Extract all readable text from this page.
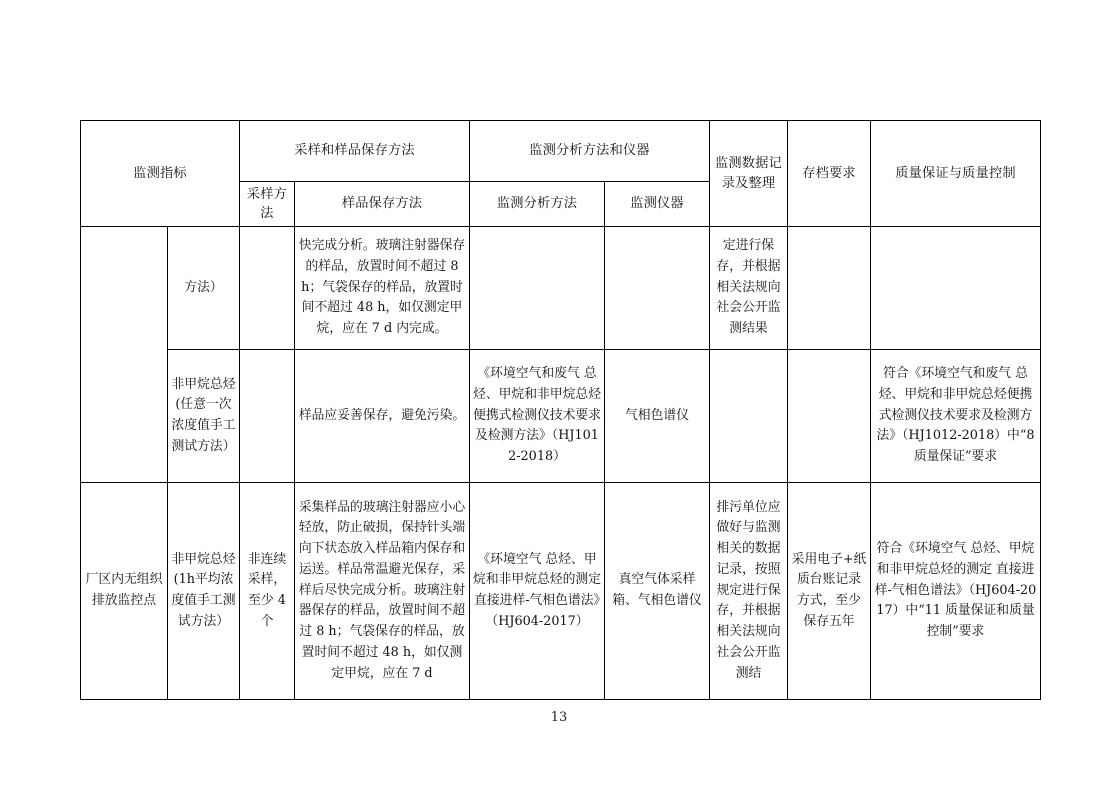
监测指标		采样和样品保存方法		监测分析方法和仪器		监测数据记录及整理	存档要求	质量保证与质量控制
		采样方法	样品保存方法	监测分析方法	监测仪器			
	方法）		快完成分析。玻璃注射器保存的样品，放置时间不超过 8 h；气袋保存的样品，放置时间不超过 48 h，如仅测定甲烷，应在 7 d 内完成。			定进行保存，并根据相关法规向社会公开监测结果		
	非甲烷总烃(任意一次浓度值手工测试方法）		样品应妥善保存，避免污染。	《环境空气和废气 总烃、甲烷和非甲烷总烃便携式检测仪技术要求及检测方法》（HJ1012-2018）	气相色谱仪			符合《环境空气和废气 总烃、甲烷和非甲烷总烃便携式检测仪技术要求及检测方法》（HJ1012-2018）中“8 质量保证”要求
厂区内无组织排放监控点	非甲烷总烃(1h平均浓度值手工测试方法）	非连续采样，至少 4 个	采集样品的玻璃注射器应小心轻放，防止破损，保持针头端向下状态放入样品箱内保存和运送。样品常温避光保存，采样后尽快完成分析。玻璃注射器保存的样品，放置时间不超过 8 h；气袋保存的样品，放置时间不超过 48 h，如仅测定甲烷，应在 7 d	《环境空气 总烃、甲烷和非甲烷总烃的测定 直接进样-气相色谱法》（HJ604-2017）	真空气体采样箱、气相色谱仪	排污单位应做好与监测相关的数据记录，按照规定进行保存，并根据相关法规向社会公开监测结	采用电子+纸质台账记录方式，至少保存五年	符合《环境空气 总烃、甲烷和非甲烷总烃的测定 直接进样-气相色谱法》（HJ604-2017）中“11 质量保证和质量控制”要求
13
